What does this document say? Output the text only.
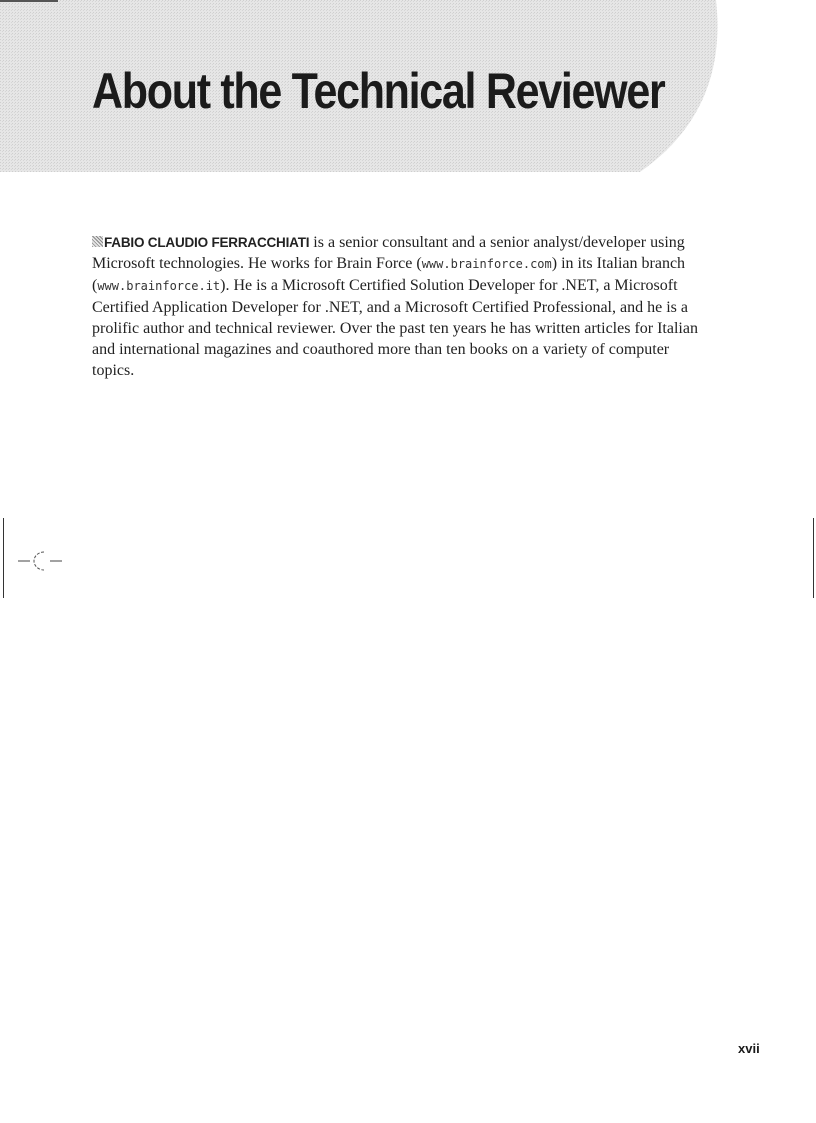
About the Technical Reviewer

FABIO CLAUDIO FERRACCHIATI is a senior consultant and a senior analyst/developer using Microsoft technologies. He works for Brain Force (www.brainforce.com) in its Italian branch (www.brainforce.it). He is a Microsoft Certified Solution Developer for .NET, a Microsoft Certified Application Developer for .NET, and a Microsoft Certified Professional, and he is a prolific author and technical reviewer. Over the past ten years he has written articles for Italian and international magazines and coauthored more than ten books on a variety of computer topics.

xvii
